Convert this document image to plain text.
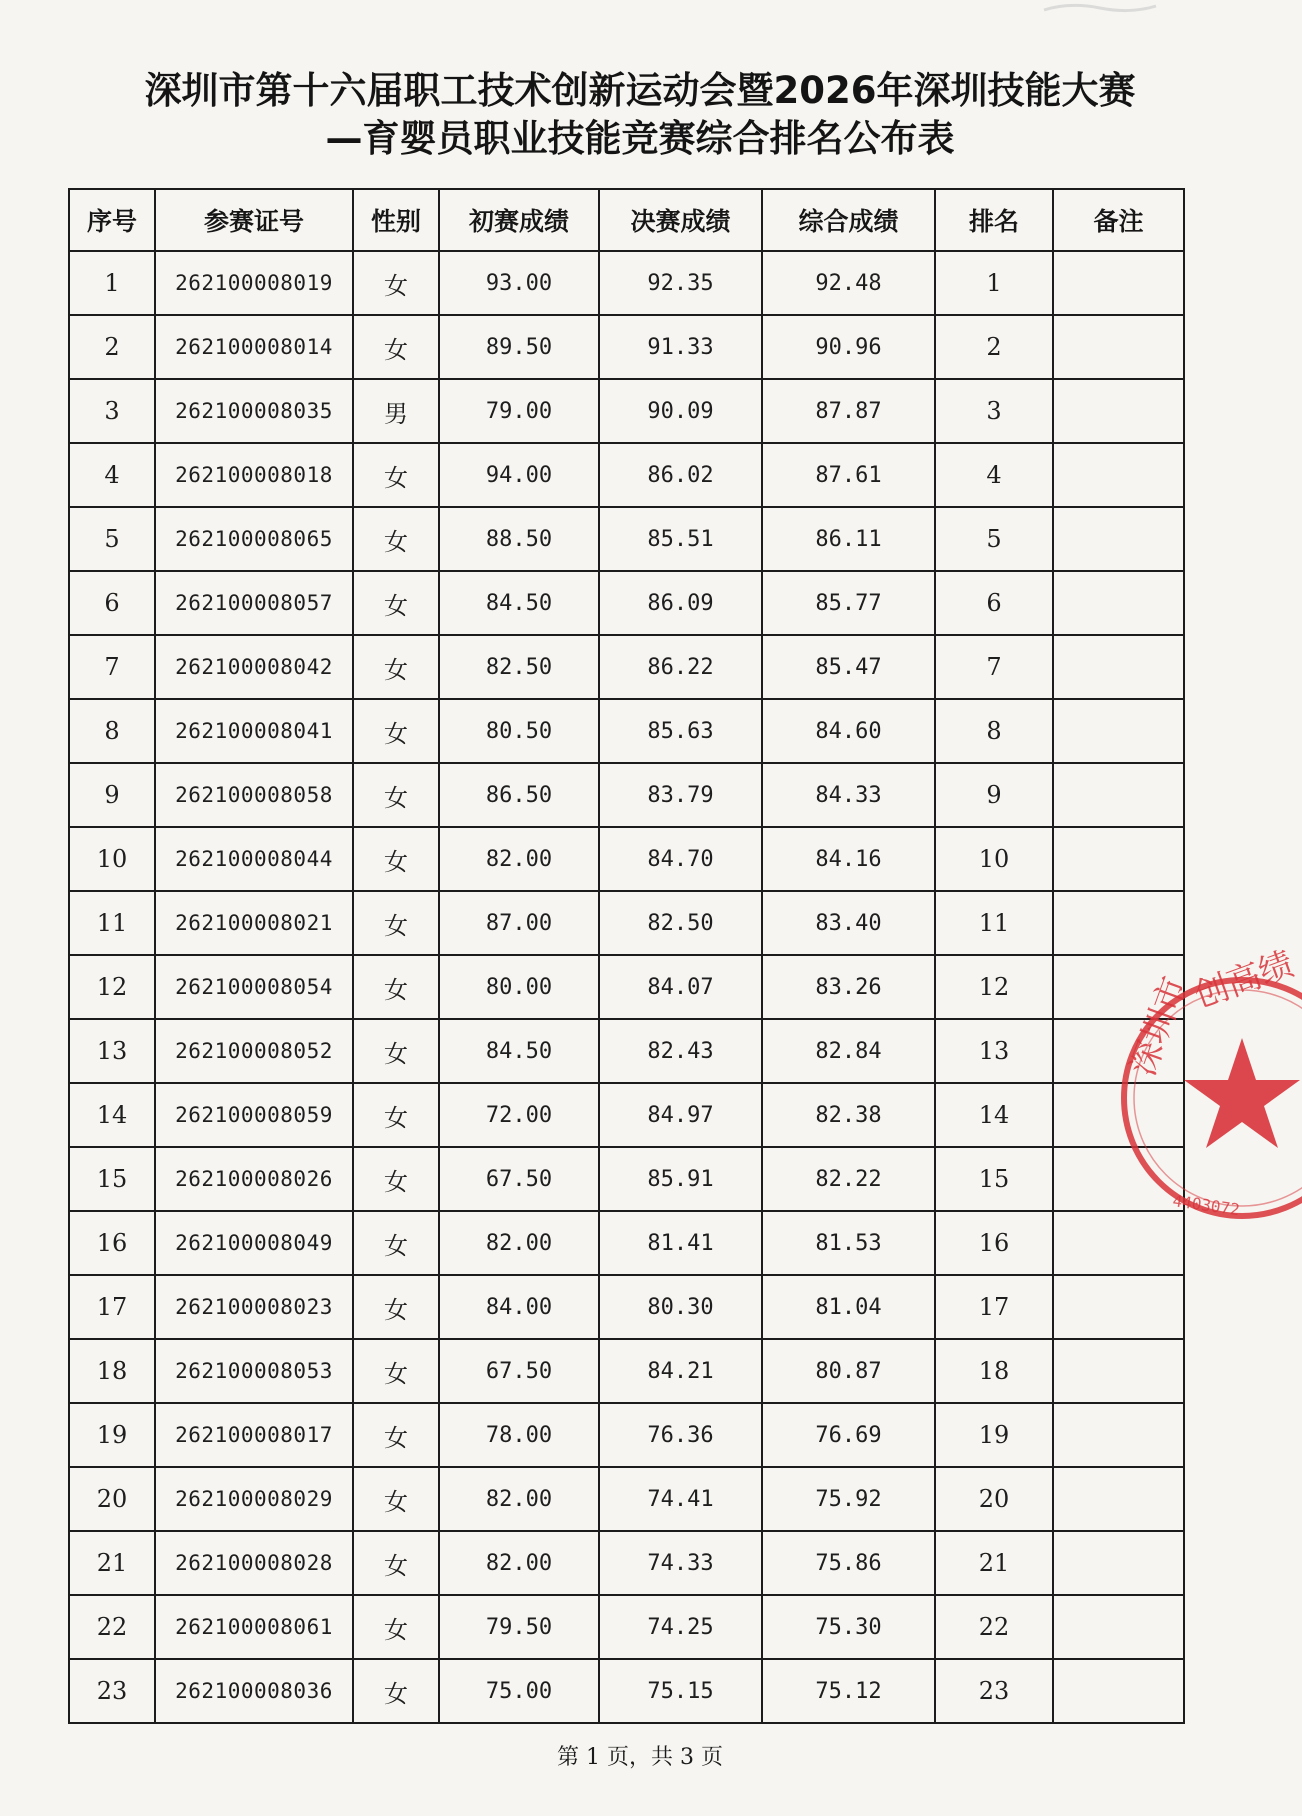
深圳市第十六届职工技术创新运动会暨2026年深圳技能大赛
—育婴员职业技能竞赛综合排名公布表
序号	参赛证号	性别	初赛成绩	决赛成绩	综合成绩	排名	备注
1	262100008019	女	93.00	92.35	92.48	1	
2	262100008014	女	89.50	91.33	90.96	2	
3	262100008035	男	79.00	90.09	87.87	3	
4	262100008018	女	94.00	86.02	87.61	4	
5	262100008065	女	88.50	85.51	86.11	5	
6	262100008057	女	84.50	86.09	85.77	6	
7	262100008042	女	82.50	86.22	85.47	7	
8	262100008041	女	80.50	85.63	84.60	8	
9	262100008058	女	86.50	83.79	84.33	9	
10	262100008044	女	82.00	84.70	84.16	10	
11	262100008021	女	87.00	82.50	83.40	11	
12	262100008054	女	80.00	84.07	83.26	12	
13	262100008052	女	84.50	82.43	82.84	13	
14	262100008059	女	72.00	84.97	82.38	14	
15	262100008026	女	67.50	85.91	82.22	15	
16	262100008049	女	82.00	81.41	81.53	16	
17	262100008023	女	84.00	80.30	81.04	17	
18	262100008053	女	67.50	84.21	80.87	18	
19	262100008017	女	78.00	76.36	76.69	19	
20	262100008029	女	82.00	74.41	75.92	20	
21	262100008028	女	82.00	74.33	75.86	21	
22	262100008061	女	79.50	74.25	75.30	22	
23	262100008036	女	75.00	75.15	75.12	23	
深圳市
创高绩
4403072
第 1 页，共 3 页
